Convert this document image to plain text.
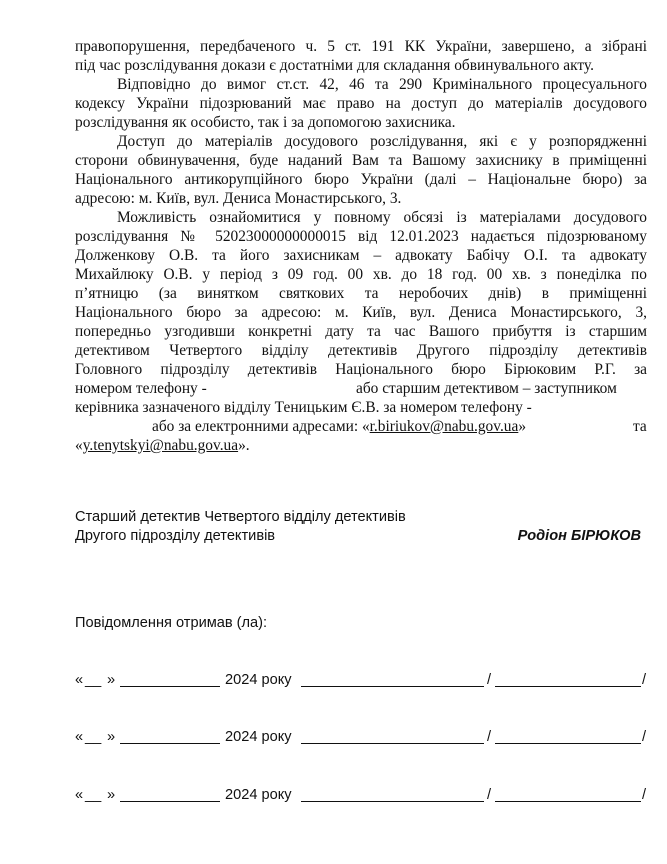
правопорушення, передбаченого ч. 5 ст. 191 КК України, завершено, а зібрані
під час розслідування докази є достатніми для складання обвинувального акту.
Відповідно до вимог ст.ст. 42, 46 та 290 Кримінального процесуального
кодексу України підозрюваний має право на доступ до матеріалів досудового
розслідування як особисто, так і за допомогою захисника.
Доступ до матеріалів досудового розслідування, які є у розпорядженні
сторони обвинувачення, буде наданий Вам та Вашому захиснику в приміщенні
Національного антикорупційного бюро України (далі – Національне бюро) за
адресою: м. Київ, вул. Дениса Монастирського, 3.
Можливість ознайомитися у повному обсязі із матеріалами досудового
розслідування № 52023000000000015 від 12.01.2023 надається підозрюваному
Долженкову О.В. та його захисникам – адвокату Бабічу О.І. та адвокату
Михайлюку О.В. у період з 09 год. 00 хв. до 18 год. 00 хв. з понеділка по
п’ятницю (за винятком святкових та неробочих днів) в приміщенні
Національного бюро за адресою: м. Київ, вул. Дениса Монастирського, 3,
попередньо узгодивши конкретні дату та час Вашого прибуття із старшим
детективом Четвертого відділу детективів Другого підрозділу детективів
Головного підрозділу детективів Національного бюро Бірюковим Р.Г. за
номером телефону -	або старшим детективом – заступником
керівника зазначеного відділу Теницьким Є.В. за номером телефону -
або за електронними адресами: «r.biriukov@nabu.gov.ua»	та
«y.tenytskyi@nabu.gov.ua».
Старший детектив Четвертого відділу детективів
Другого підрозділу детективів	Родіон БІРЮКОВ
Повідомлення отримав (ла):
« __ »	2024 року	/	/
« __ »	2024 року	/	/
« __ »	2024 року	/	/
